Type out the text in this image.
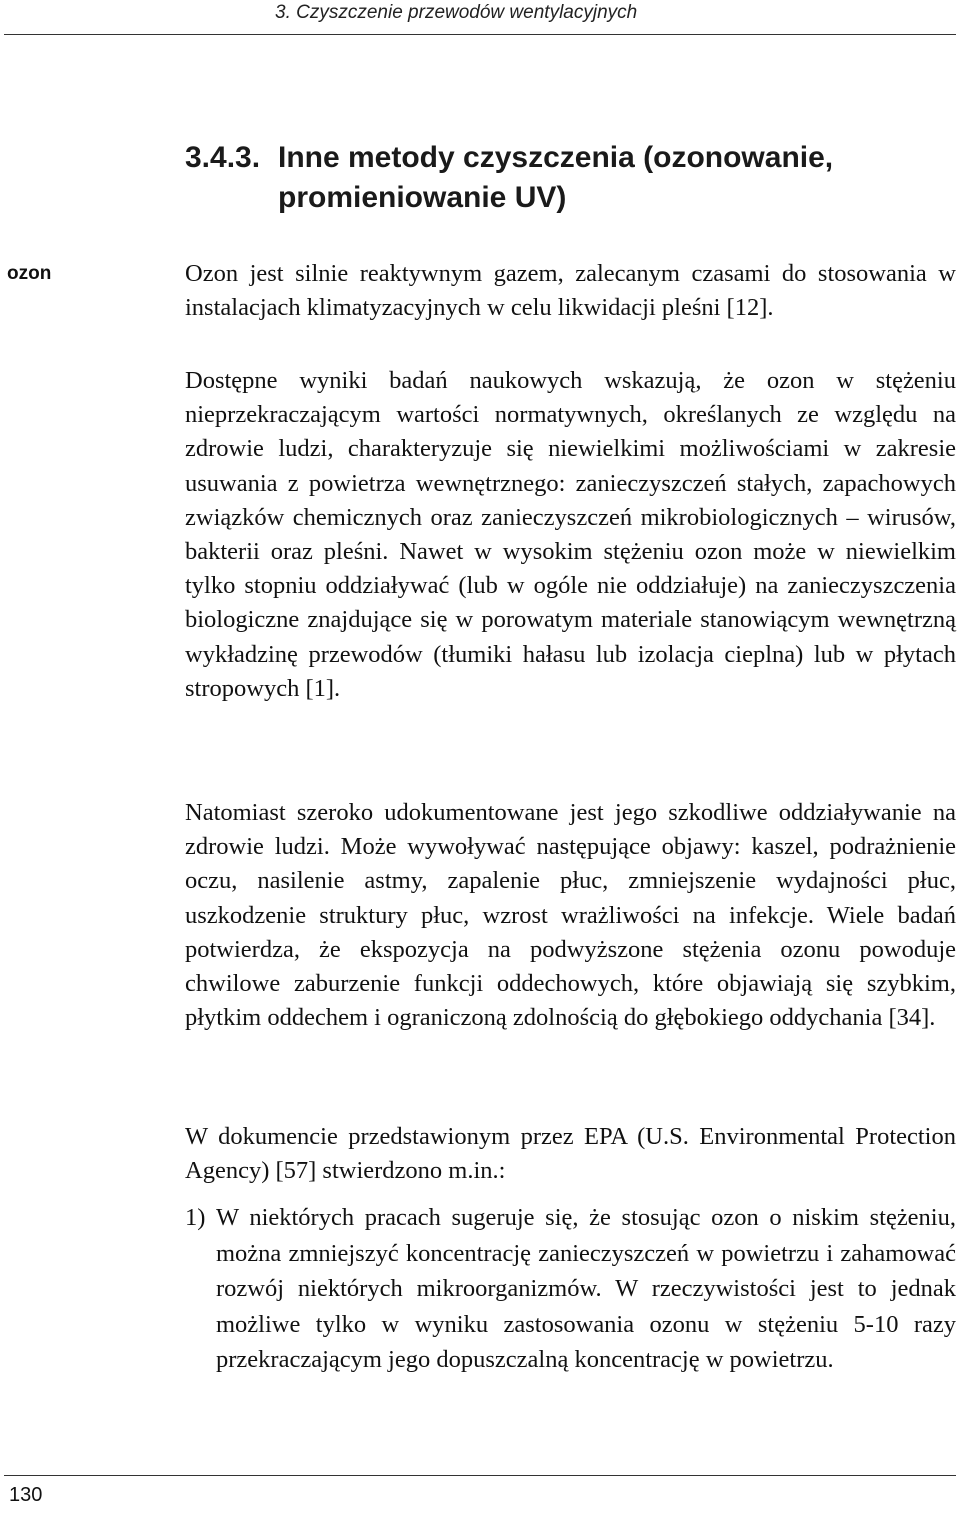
3. Czyszczenie przewodów wentylacyjnych
3.4.3. Inne metody czyszczenia (ozonowanie,
promieniowanie UV)
ozon	Ozon jest silnie reaktywnym gazem, zalecanym czasami do stosowania w instalacjach klimatyzacyjnych w celu likwidacji pleśni [12].

Dostępne wyniki badań naukowych wskazują, że ozon w stężeniu nieprzekraczającym wartości normatywnych, określanych ze względu na zdrowie ludzi, charakteryzuje się niewielkimi możliwościami w zakresie usuwania z powietrza wewnętrznego: zanieczyszczeń stałych, zapachowych związków chemicznych oraz zanieczyszczeń mikrobiologicznych – wirusów, bakterii oraz pleśni. Nawet w wysokim stężeniu ozon może w niewielkim tylko stopniu oddziaływać (lub w ogóle nie oddziałuje) na zanieczyszczenia biologiczne znajdujące się w porowatym materiale stanowiącym wewnętrzną wykładzinę przewodów (tłumiki hałasu lub izolacja cieplna) lub w płytach stropowych [1].

Natomiast szeroko udokumentowane jest jego szkodliwe oddziaływanie na zdrowie ludzi. Może wywoływać następujące objawy: kaszel, podrażnienie oczu, nasilenie astmy, zapalenie płuc, zmniejszenie wydajności płuc, uszkodzenie struktury płuc, wzrost wrażliwości na infekcje. Wiele badań potwierdza, że ekspozycja na podwyższone stężenia ozonu powoduje chwilowe zaburzenie funkcji oddechowych, które objawiają się szybkim, płytkim oddechem i ograniczoną zdolnością do głębokiego oddychania [34].

W dokumencie przedstawionym przez EPA (U.S. Environmental Protection Agency) [57] stwierdzono m.in.:

1) W niektórych pracach sugeruje się, że stosując ozon o niskim stężeniu, można zmniejszyć koncentrację zanieczyszczeń w powietrzu i zahamować rozwój niektórych mikroorganizmów. W rzeczywistości jest to jednak możliwe tylko w wyniku zastosowania ozonu w stężeniu 5-10 razy przekraczającym jego dopuszczalną koncentrację w powietrzu.
130
